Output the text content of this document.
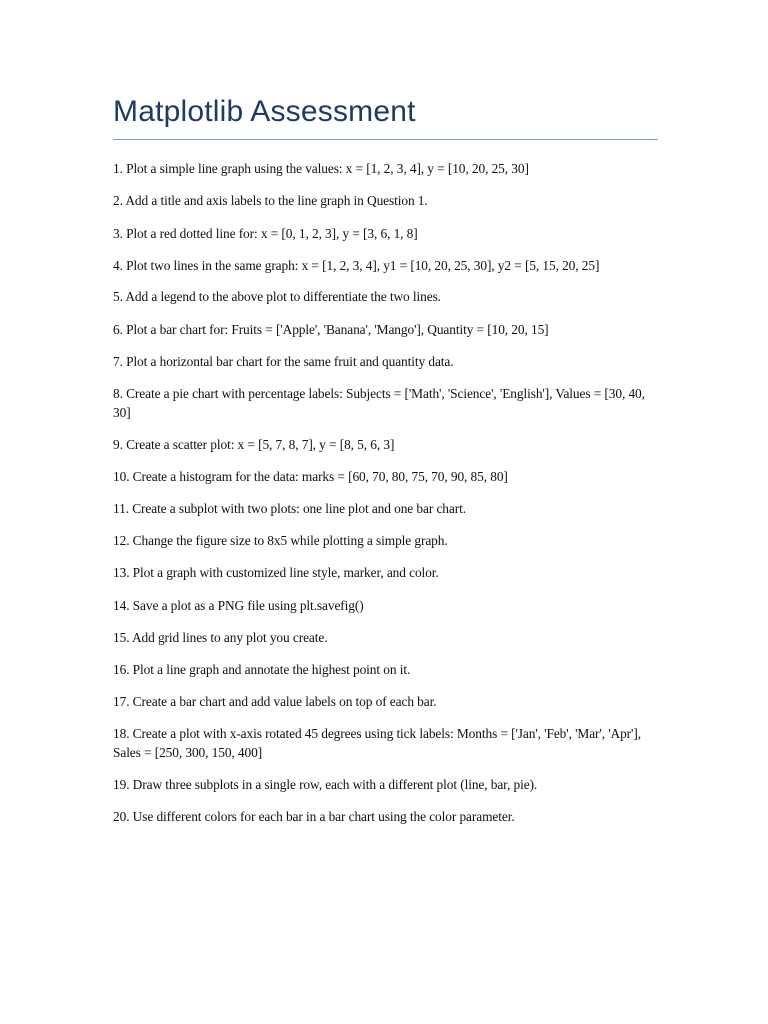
Matplotlib Assessment
1. Plot a simple line graph using the values: x = [1, 2, 3, 4], y = [10, 20, 25, 30]
2. Add a title and axis labels to the line graph in Question 1.
3. Plot a red dotted line for: x = [0, 1, 2, 3], y = [3, 6, 1, 8]
4. Plot two lines in the same graph: x = [1, 2, 3, 4], y1 = [10, 20, 25, 30], y2 = [5, 15, 20, 25]
5. Add a legend to the above plot to differentiate the two lines.
6. Plot a bar chart for: Fruits = ['Apple', 'Banana', 'Mango'], Quantity = [10, 20, 15]
7. Plot a horizontal bar chart for the same fruit and quantity data.
8. Create a pie chart with percentage labels: Subjects = ['Math', 'Science', 'English'], Values = [30, 40, 30]
9. Create a scatter plot: x = [5, 7, 8, 7], y = [8, 5, 6, 3]
10. Create a histogram for the data: marks = [60, 70, 80, 75, 70, 90, 85, 80]
11. Create a subplot with two plots: one line plot and one bar chart.
12. Change the figure size to 8x5 while plotting a simple graph.
13. Plot a graph with customized line style, marker, and color.
14. Save a plot as a PNG file using plt.savefig()
15. Add grid lines to any plot you create.
16. Plot a line graph and annotate the highest point on it.
17. Create a bar chart and add value labels on top of each bar.
18. Create a plot with x-axis rotated 45 degrees using tick labels: Months = ['Jan', 'Feb', 'Mar', 'Apr'], Sales = [250, 300, 150, 400]
19. Draw three subplots in a single row, each with a different plot (line, bar, pie).
20. Use different colors for each bar in a bar chart using the color parameter.
